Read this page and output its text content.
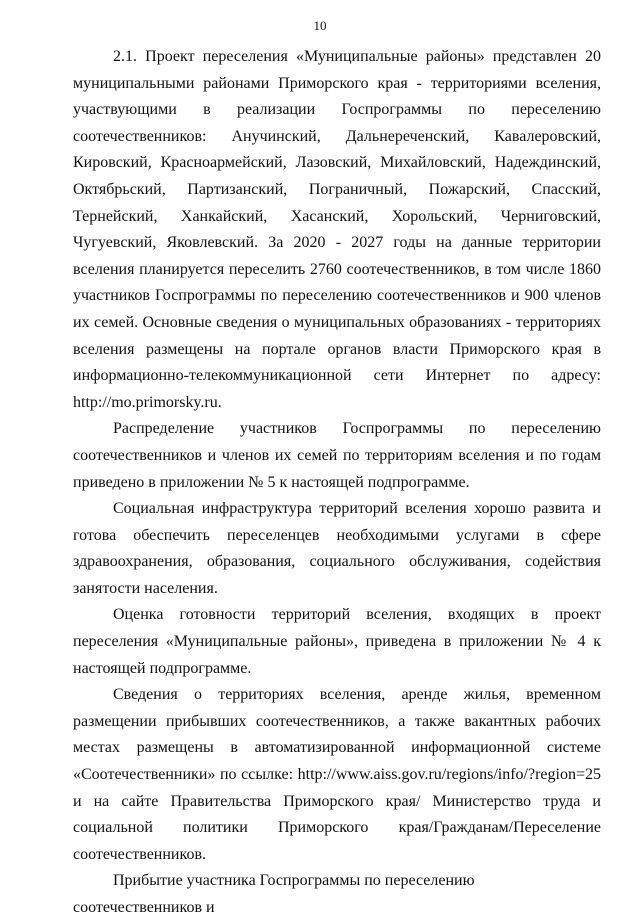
10

2.1. Проект переселения «Муниципальные районы» представлен 20 муниципальными районами Приморского края - территориями вселения, участвующими в реализации Госпрограммы по переселению соотечественников: Анучинский, Дальнереченский, Кавалеровский, Кировский, Красноармейский, Лазовский, Михайловский, Надеждинский, Октябрьский, Партизанский, Пограничный, Пожарский, Спасский, Тернейский, Ханкайский, Хасанский, Хорольский, Черниговский, Чугуевский, Яковлевский. За 2020 - 2027 годы на данные территории вселения планируется переселить 2760 соотечественников, в том числе 1860 участников Госпрограммы по переселению соотечественников и 900 членов их семей. Основные сведения о муниципальных образованиях - территориях вселения размещены на портале органов власти Приморского края в информационно-телекоммуникационной сети Интернет по адресу: http://mo.primorsky.ru.

Распределение участников Госпрограммы по переселению соотечественников и членов их семей по территориям вселения и по годам приведено в приложении № 5 к настоящей подпрограмме.

Социальная инфраструктура территорий вселения хорошо развита и готова обеспечить переселенцев необходимыми услугами в сфере здравоохранения, образования, социального обслуживания, содействия занятости населения.

Оценка готовности территорий вселения, входящих в проект переселения «Муниципальные районы», приведена в приложении № 4 к настоящей подпрограмме.

Сведения о территориях вселения, аренде жилья, временном размещении прибывших соотечественников, а также вакантных рабочих местах размещены в автоматизированной информационной системе «Соотечественники» по ссылке: http://www.aiss.gov.ru/regions/info/?region=25 и на сайте Правительства Приморского края/ Министерство труда и социальной политики Приморского края/Гражданам/Переселение соотечественников.

Прибытие участника Госпрограммы по переселению соотечественников и
